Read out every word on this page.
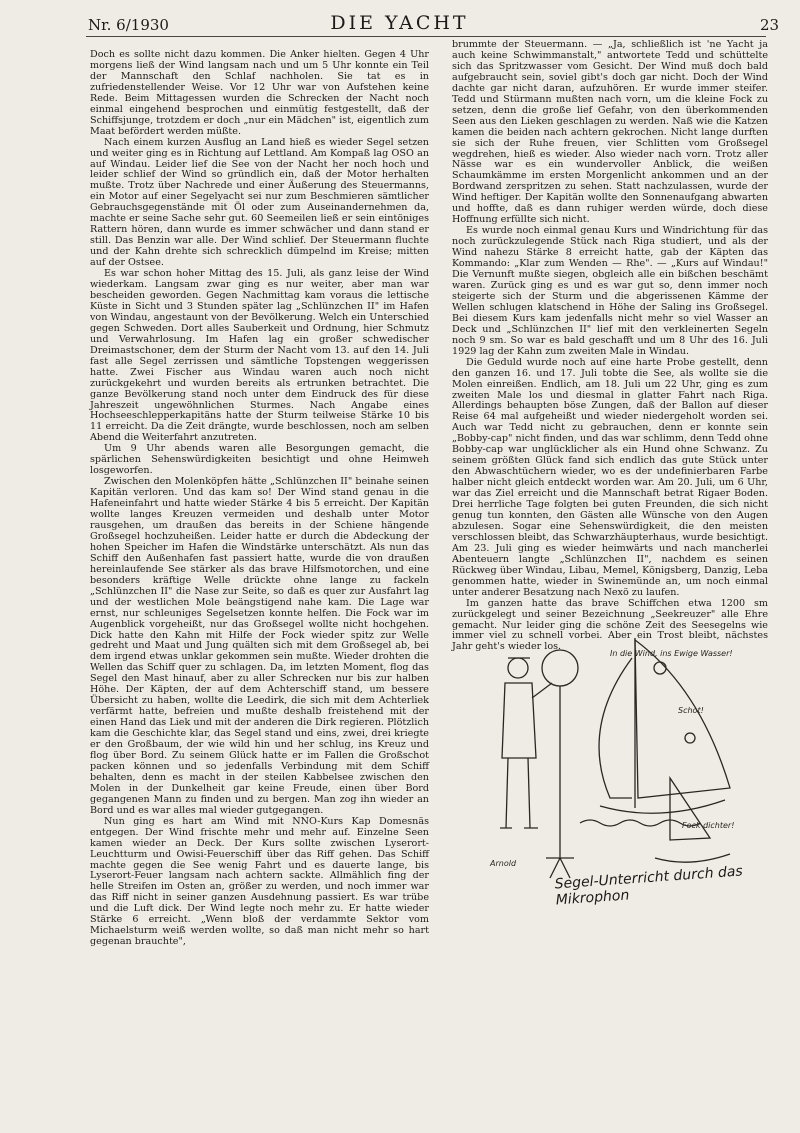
Nr. 6/1930	DIE YACHT	23

Doch es sollte nicht dazu kommen. Die Anker hielten. Gegen 4 Uhr morgens ließ der Wind langsam nach und um 5 Uhr konnte ein Teil der Mannschaft den Schlaf nachholen. Sie tat es in zufriedenstellender Weise. Vor 12 Uhr war von Aufstehen keine Rede. Beim Mittagessen wurden die Schrecken der Nacht noch einmal eingehend besprochen und einmütig festgestellt, daß der Schiffsjunge, trotzdem er doch „nur ein Mädchen" ist, eigentlich zum Maat befördert werden müßte.

Nach einem kurzen Ausflug an Land hieß es wieder Segel setzen und weiter ging es in Richtung auf Lettland. Am Kompaß lag OSO an auf Windau. Leider lief die See von der Nacht her noch hoch und leider schlief der Wind so gründlich ein, daß der Motor herhalten mußte. Trotz über Nachrede und einer Äußerung des Steuermanns, ein Motor auf einer Segelyacht sei nur zum Beschmieren sämtlicher Gebrauchsgegenstände mit Öl oder zum Auseinandernehmen da, machte er seine Sache sehr gut. 60 Seemeilen ließ er sein eintöniges Rattern hören, dann wurde es immer schwächer und dann stand er still. Das Benzin war alle. Der Wind schlief. Der Steuermann fluchte und der Kahn drehte sich schrecklich dümpelnd im Kreise; mitten auf der Ostsee.

Es war schon hoher Mittag des 15. Juli, als ganz leise der Wind wiederkam. Langsam zwar ging es nur weiter, aber man war bescheiden geworden. Gegen Nachmittag kam voraus die lettische Küste in Sicht und 3 Stunden später lag „Schlünzchen II" im Hafen von Windau, angestaunt von der Bevölkerung. Welch ein Unterschied gegen Schweden. Dort alles Sauberkeit und Ordnung, hier Schmutz und Verwahrlosung. Im Hafen lag ein großer schwedischer Dreimastschoner, dem der Sturm der Nacht vom 13. auf den 14. Juli fast alle Segel zerrissen und sämtliche Topstengen weggerissen hatte. Zwei Fischer aus Windau waren auch noch nicht zurückgekehrt und wurden bereits als ertrunken betrachtet. Die ganze Bevölkerung stand noch unter dem Eindruck des für diese Jahreszeit ungewöhnlichen Sturmes. Nach Angabe eines Hochseeschlepperkapitäns hatte der Sturm teilweise Stärke 10 bis 11 erreicht. Da die Zeit drängte, wurde beschlossen, noch am selben Abend die Weiterfahrt anzutreten.

Um 9 Uhr abends waren alle Besorgungen gemacht, die spärlichen Sehenswürdigkeiten besichtigt und ohne Heimweh losgeworfen.

Zwischen den Molenköpfen hätte „Schlünzchen II" beinahe seinen Kapitän verloren. Und das kam so! Der Wind stand genau in die Hafeneinfahrt und hatte wieder Stärke 4 bis 5 erreicht. Der Kapitän wollte langes Kreuzen vermeiden und deshalb unter Motor rausgehen, um draußen das bereits in der Schiene hängende Großsegel hochzuheißen. Leider hatte er durch die Abdeckung der hohen Speicher im Hafen die Windstärke unterschätzt. Als nun das Schiff den Außenhafen fast passiert hatte, wurde die von draußen hereinlaufende See stärker als das brave Hilfsmotorchen, und eine besonders kräftige Welle drückte ohne lange zu fackeln „Schlünzchen II" die Nase zur Seite, so daß es quer zur Ausfahrt lag und der westlichen Mole beängstigend nahe kam. Die Lage war ernst, nur schleuniges Segelsetzen konnte helfen. Die Fock war im Augenblick vorgeheißt, nur das Großsegel wollte nicht hochgehen. Dick hatte den Kahn mit Hilfe der Fock wieder spitz zur Welle gedreht und Maat und Jung quälten sich mit dem Großsegel ab, bei dem irgend etwas unklar gekommen sein mußte. Wieder drohten die Wellen das Schiff quer zu schlagen. Da, im letzten Moment, flog das Segel den Mast hinauf, aber zu aller Schrecken nur bis zur halben Höhe. Der Käpten, der auf dem Achterschiff stand, um bessere Übersicht zu haben, wollte die Leedirk, die sich mit dem Achterliek verfärmt hatte, befreien und mußte deshalb freistehend mit der einen Hand das Liek und mit der anderen die Dirk regieren. Plötzlich kam die Geschichte klar, das Segel stand und eins, zwei, drei kriegte er den Großbaum, der wie wild hin und her schlug, ins Kreuz und flog über Bord. Zu seinem Glück hatte er im Fallen die Großschot packen können und so jedenfalls Verbindung mit dem Schiff behalten, denn es macht in der steilen Kabbelsee zwischen den Molen in der Dunkelheit gar keine Freude, einen über Bord gegangenen Mann zu finden und zu bergen. Man zog ihn wieder an Bord und es war alles mal wieder gutgegangen.

Nun ging es hart am Wind mit NNO-Kurs Kap Domesnäs entgegen. Der Wind frischte mehr und mehr auf. Einzelne Seen kamen wieder an Deck. Der Kurs sollte zwischen Lyserort-Leuchtturm und Owisi-Feuerschiff über das Riff gehen. Das Schiff machte gegen die See wenig Fahrt und es dauerte lange, bis Lyserort-Feuer langsam nach achtern sackte. Allmählich fing der helle Streifen im Osten an, größer zu werden, und noch immer war das Riff nicht in seiner ganzen Ausdehnung passiert. Es war trübe und die Luft dick. Der Wind legte noch mehr zu. Er hatte wieder Stärke 6 erreicht. „Wenn bloß der verdammte Sektor vom Michaelsturm weiß werden wollte, so daß man nicht mehr so hart gegenan brauchte",

brummte der Steuermann. — „Ja, schließlich ist 'ne Yacht ja auch keine Schwimmanstalt," antwortete Tedd und schüttelte sich das Spritzwasser vom Gesicht. Der Wind muß doch bald aufgebraucht sein, soviel gibt's doch gar nicht. Doch der Wind dachte gar nicht daran, aufzuhören. Er wurde immer steifer. Tedd und Stürmann mußten nach vorn, um die kleine Fock zu setzen, denn die große lief Gefahr, von den überkommenden Seen aus den Lieken geschlagen zu werden. Naß wie die Katzen kamen die beiden nach achtern gekrochen. Nicht lange durften sie sich der Ruhe freuen, vier Schlitten vom Großsegel wegdrehen, hieß es wieder. Also wieder nach vorn. Trotz aller Nässe war es ein wundervoller Anblick, die weißen Schaumkämme im ersten Morgenlicht ankommen und an der Bordwand zerspritzen zu sehen. Statt nachzulassen, wurde der Wind heftiger. Der Kapitän wollte den Sonnenaufgang abwarten und hoffte, daß es dann ruhiger werden würde, doch diese Hoffnung erfüllte sich nicht.

Es wurde noch einmal genau Kurs und Windrichtung für das noch zurückzulegende Stück nach Riga studiert, und als der Wind nahezu Stärke 8 erreicht hatte, gab der Käpten das Kommando: „Klar zum Wenden — Rhe". — „Kurs auf Windau!" Die Vernunft mußte siegen, obgleich alle ein bißchen beschämt waren. Zurück ging es und es war gut so, denn immer noch steigerte sich der Sturm und die abgerissenen Kämme der Wellen schlugen klatschend in Höhe der Saling ins Großsegel. Bei diesem Kurs kam jedenfalls nicht mehr so viel Wasser an Deck und „Schlünzchen II" lief mit den verkleinerten Segeln noch 9 sm. So war es bald geschafft und um 8 Uhr des 16. Juli 1929 lag der Kahn zum zweiten Male in Windau.

Die Geduld wurde noch auf eine harte Probe gestellt, denn den ganzen 16. und 17. Juli tobte die See, als wollte sie die Molen einreißen. Endlich, am 18. Juli um 22 Uhr, ging es zum zweiten Male los und diesmal in glatter Fahrt nach Riga. Allerdings behaupten böse Zungen, daß der Ballon auf dieser Reise 64 mal aufgeheißt und wieder niedergeholt worden sei. Auch war Tedd nicht zu gebrauchen, denn er konnte sein „Bobby-cap" nicht finden, und das war schlimm, denn Tedd ohne Bobby-cap war unglücklicher als ein Hund ohne Schwanz. Zu seinem größten Glück fand sich endlich das gute Stück unter den Abwaschtüchern wieder, wo es der undefinierbaren Farbe halber nicht gleich entdeckt worden war. Am 20. Juli, um 6 Uhr, war das Ziel erreicht und die Mannschaft betrat Rigaer Boden. Drei herrliche Tage folgten bei guten Freunden, die sich nicht genug tun konnten, den Gästen alle Wünsche von den Augen abzulesen. Sogar eine Sehenswürdigkeit, die den meisten verschlossen bleibt, das Schwarzhäupterhaus, wurde besichtigt. Am 23. Juli ging es wieder heimwärts und nach mancherlei Abenteuern langte „Schlünzchen II", nachdem es seinen Rückweg über Windau, Libau, Memel, Königsberg, Danzig, Leba genommen hatte, wieder in Swinemünde an, um noch einmal unter anderer Besatzung nach Nexö zu laufen.

Im ganzen hatte das brave Schiffchen etwa 1200 sm zurückgelegt und seiner Bezeichnung „Seekreuzer" alle Ehre gemacht. Nur leider ging die schöne Zeit des Seesegelns wie immer viel zu schnell vorbei. Aber ein Trost bleibt, nächstes Jahr geht's wieder los.

In die Wind, ins Ewige Wasser!
Schot!
Fock dichter!
Arnold	Segel-Unterricht durch das Mikrophon
